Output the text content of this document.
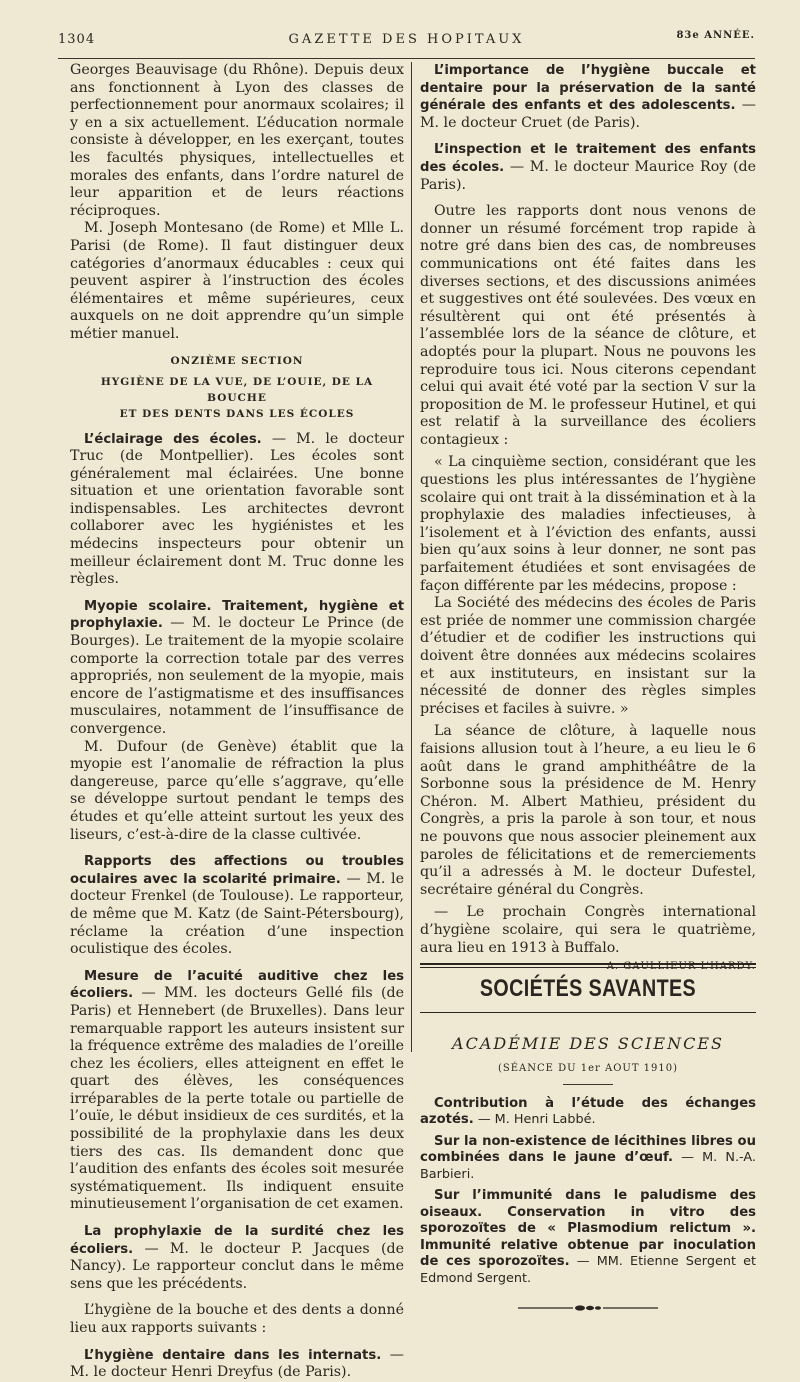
1304	GAZETTE DES HOPITAUX	83e ANNÉE.

Georges Beauvisage (du Rhône). Depuis deux ans fonctionnent à Lyon des classes de perfectionnement pour anormaux scolaires; il y en a six actuellement. L’éducation normale consiste à développer, en les exerçant, toutes les facultés physiques, intellectuelles et morales des enfants, dans l’ordre naturel de leur apparition et de leurs réactions réciproques.

M. Joseph Montesano (de Rome) et Mlle L. Parisi (de Rome). Il faut distinguer deux catégories d’anormaux éducables : ceux qui peuvent aspirer à l’instruction des écoles élémentaires et même supérieures, ceux auxquels on ne doit apprendre qu’un simple métier manuel.

ONZIÈME SECTION

HYGIÈNE DE LA VUE, DE L’OUIE, DE LA BOUCHE

ET DES DENTS DANS LES ÉCOLES

L’éclairage des écoles. — M. le docteur Truc (de Montpellier). Les écoles sont généralement mal éclairées. Une bonne situation et une orientation favorable sont indispensables. Les architectes devront collaborer avec les hygiénistes et les médecins inspecteurs pour obtenir un meilleur éclairement dont M. Truc donne les règles.

Myopie scolaire. Traitement, hygiène et prophylaxie. — M. le docteur Le Prince (de Bourges). Le traitement de la myopie scolaire comporte la correction totale par des verres appropriés, non seulement de la myopie, mais encore de l’astigmatisme et des insuffisances musculaires, notamment de l’insuffisance de convergence.

M. Dufour (de Genève) établit que la myopie est l’anomalie de réfraction la plus dangereuse, parce qu’elle s’aggrave, qu’elle se développe surtout pendant le temps des études et qu’elle atteint surtout les yeux des liseurs, c’est-à-dire de la classe cultivée.

Rapports des affections ou troubles oculaires avec la scolarité primaire. — M. le docteur Frenkel (de Toulouse). Le rapporteur, de même que M. Katz (de Saint-Pétersbourg), réclame la création d’une inspection oculistique des écoles.

Mesure de l’acuité auditive chez les écoliers. — MM. les docteurs Gellé fils (de Paris) et Hennebert (de Bruxelles). Dans leur remarquable rapport les auteurs insistent sur la fréquence extrême des maladies de l’oreille chez les écoliers, elles atteignent en effet le quart des élèves, les conséquences irréparables de la perte totale ou partielle de l’ouïe, le début insidieux de ces surdités, et la possibilité de la prophylaxie dans les deux tiers des cas. Ils demandent donc que l’audition des enfants des écoles soit mesurée systématiquement. Ils indiquent ensuite minutieusement l’organisation de cet examen.

La prophylaxie de la surdité chez les écoliers. — M. le docteur P. Jacques (de Nancy). Le rapporteur conclut dans le même sens que les précédents.

L’hygiène de la bouche et des dents a donné lieu aux rapports suivants :

L’hygiène dentaire dans les internats. — M. le docteur Henri Dreyfus (de Paris).

L’importance de l’hygiène buccale et dentaire pour la préservation de la santé générale des enfants et des adolescents. — M. le docteur Cruet (de Paris).

L’inspection et le traitement des enfants des écoles. — M. le docteur Maurice Roy (de Paris).

Outre les rapports dont nous venons de donner un résumé forcément trop rapide à notre gré dans bien des cas, de nombreuses communications ont été faites dans les diverses sections, et des discussions animées et suggestives ont été soulevées. Des vœux en résultèrent qui ont été présentés à l’assemblée lors de la séance de clôture, et adoptés pour la plupart. Nous ne pouvons les reproduire tous ici. Nous citerons cependant celui qui avait été voté par la section V sur la proposition de M. le professeur Hutinel, et qui est relatif à la surveillance des écoliers contagieux :

« La cinquième section, considérant que les questions les plus intéressantes de l’hygiène scolaire qui ont trait à la dissémination et à la prophylaxie des maladies infectieuses, à l’isolement et à l’éviction des enfants, aussi bien qu’aux soins à leur donner, ne sont pas parfaitement étudiées et sont envisagées de façon différente par les médecins, propose :

La Société des médecins des écoles de Paris est priée de nommer une commission chargée d’étudier et de codifier les instructions qui doivent être données aux médecins scolaires et aux instituteurs, en insistant sur la nécessité de donner des règles simples précises et faciles à suivre. »

La séance de clôture, à laquelle nous faisions allusion tout à l’heure, a eu lieu le 6 août dans le grand amphithéâtre de la Sorbonne sous la présidence de M. Henry Chéron. M. Albert Mathieu, président du Congrès, a pris la parole à son tour, et nous ne pouvons que nous associer pleinement aux paroles de félicitations et de remerciements qu’il a adressés à M. le docteur Dufestel, secrétaire général du Congrès.

— Le prochain Congrès international d’hygiène scolaire, qui sera le quatrième, aura lieu en 1913 à Buffalo.
A. GAULLIEUR L’HARDY.

SOCIÉTÉS SAVANTES
ACADÉMIE DES SCIENCES
(SÉANCE DU 1er AOUT 1910)

Contribution à l’étude des échanges azotés. — M. Henri Labbé.

Sur la non-existence de lécithines libres ou combinées dans le jaune d’œuf. — M. N.-A. Barbieri.

Sur l’immunité dans le paludisme des oiseaux. Conservation in vitro des sporozoïtes de « Plasmodium relictum ». Immunité relative obtenue par inoculation de ces sporozoïtes. — MM. Etienne Sergent et Edmond Sergent.
